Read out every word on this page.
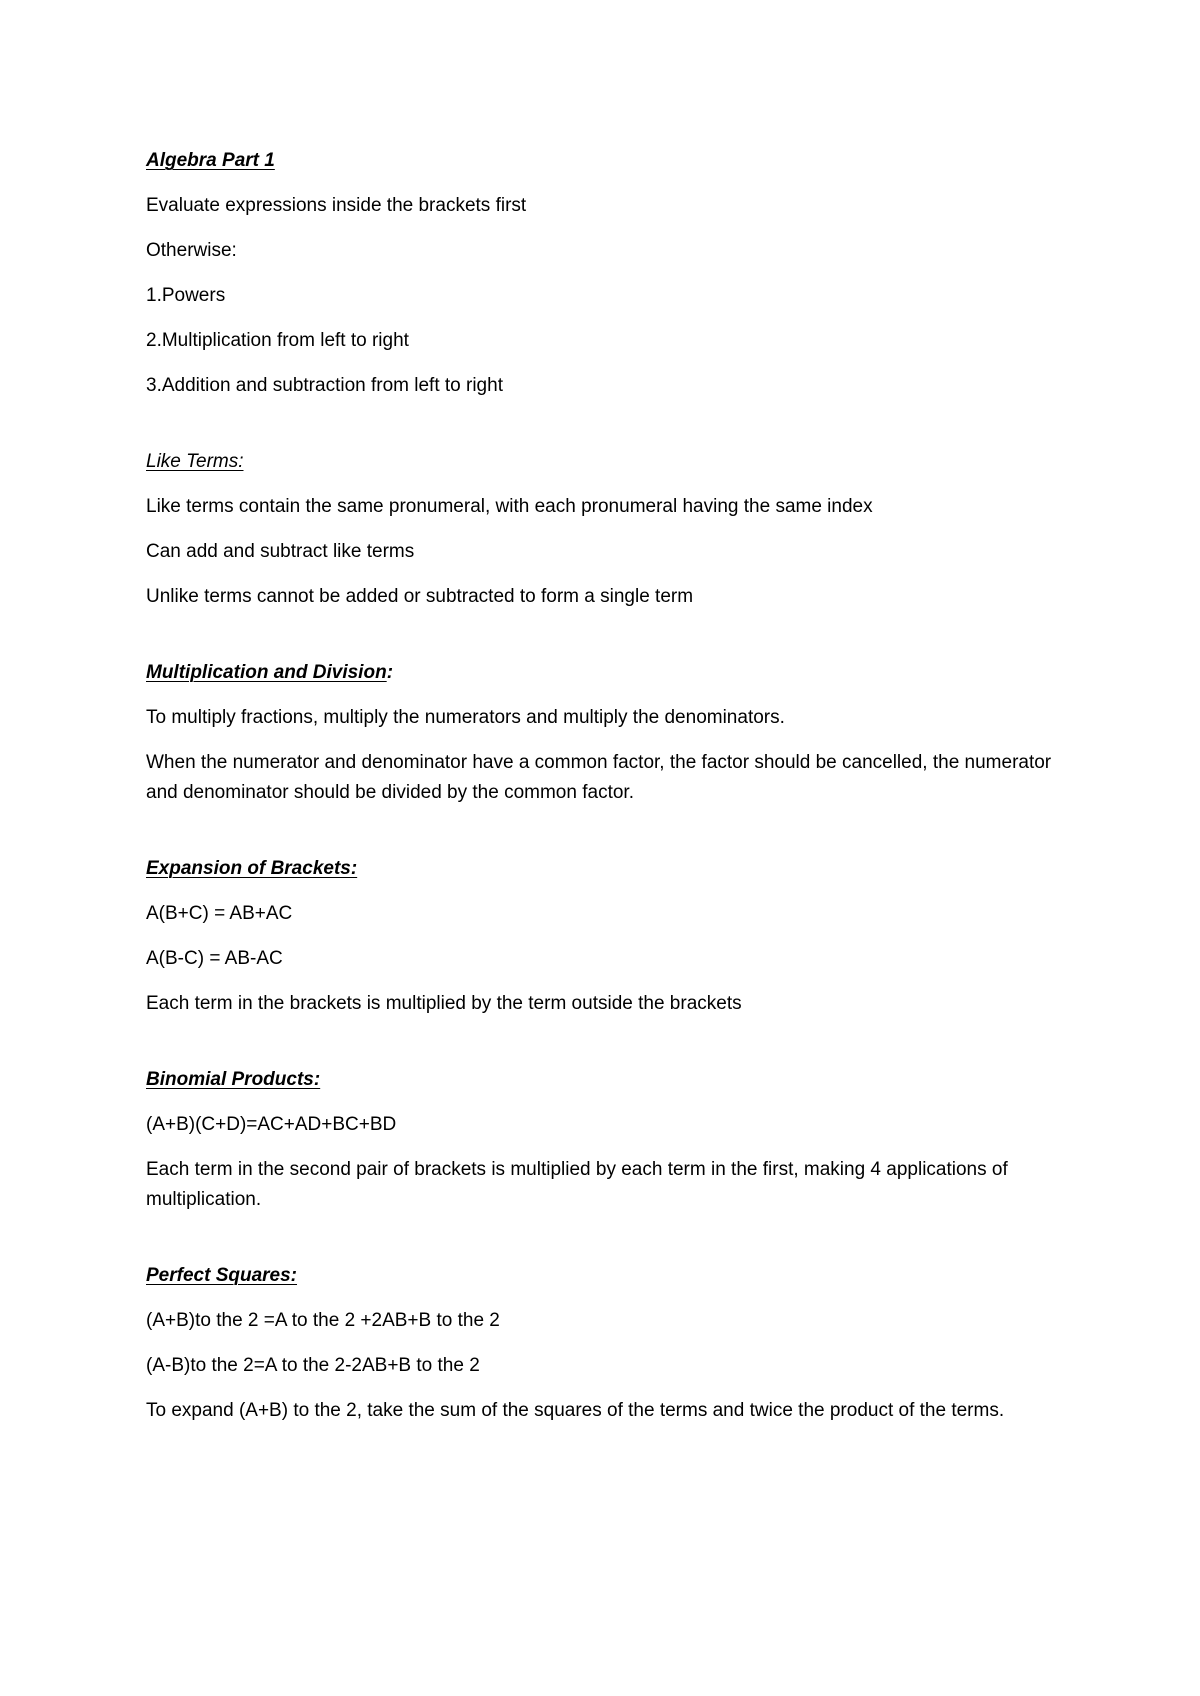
Algebra Part 1
Evaluate expressions inside the brackets first
Otherwise:
1.Powers
2.Multiplication from left to right
3.Addition and subtraction from left to right
Like Terms:
Like terms contain the same pronumeral, with each pronumeral having the same index
Can add and subtract like terms
Unlike terms cannot be added or subtracted to form a single term
Multiplication and Division:
To multiply fractions, multiply the numerators and multiply the denominators.
When the numerator and denominator have a common factor, the factor should be cancelled, the numerator and denominator should be divided by the common factor.
Expansion of Brackets:
A(B+C) = AB+AC
A(B-C) = AB-AC
Each term in the brackets is multiplied by the term outside the brackets
Binomial Products:
(A+B)(C+D)=AC+AD+BC+BD
Each term in the second pair of brackets is multiplied by each term in the first, making 4 applications of multiplication.
Perfect Squares:
(A+B)to the 2 =A to the 2 +2AB+B to the 2
(A-B)to the 2=A to the 2-2AB+B to the 2
To expand (A+B) to the 2, take the sum of the squares of the terms and twice the product of the terms.
